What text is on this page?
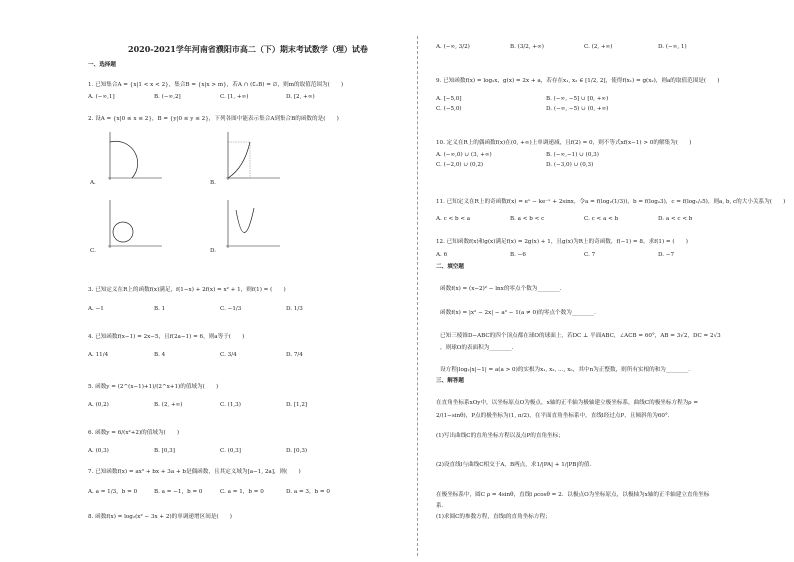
2020-2021学年河南省濮阳市高二（下）期末考试数学（理）试卷
一、选择题
1. 已知集合A = {x|1 < x < 2}，集合B = {x|x > m}，若A ∩ (∁ᵤB) = ∅，则m的取值范围为(　　)
A. (−∞,1]	B. (−∞,2]	C. [1, +∞)	D. [2, +∞)
2. 设A = {x|0 ≤ x ≤ 2}，B = {y|0 ≤ y ≤ 2}，下列各图中能表示集合A到集合B的函数的是(　　)
A.	B.
C.	D.
3. 已知定义在R上的函数f(x)满足，f(1−x) + 2f(x) = x² + 1，则f(1) = (　　)
A. −1	B. 1	C. −1/3	D. 1/3
4. 已知函数f(x−1) = 2x−5，且f(2a−1) = 6，则a等于(　　)
A. 11/4	B. 4	C. 3/4	D. 7/4
5. 函数y = (2^(x−1)+1)/(2^x+1)的值域为(　　)
A. (0,2)	B. (2, +∞)	C. (1,3)	D. [1,2]
6. 函数y = 6/(x²+2)的值域为(　　)
A. (0,3)	B. [0,3]	C. (0,3]	D. [0,3)
7. 已知函数f(x) = ax² + bx + 3a + b是偶函数，且其定义域为[a−1, 2a]，则(　　)
A. a = 1/3，b = 0	B. a = −1，b = 0	C. a = 1，b = 0	D. a = 3，b = 0
8. 函数f(x) = log₂(x² − 3x + 2)的单调递增区间是(　　)
A. (−∞, 3/2)	B. (3/2, +∞)	C. (2, +∞)	D. (−∞, 1)
9. 已知函数f(x) = log₂x，g(x) = 2x + a，若存在x₁, x₂ ∈ [1/2, 2]，使得f(x₁) = g(x₂)，则a的取值范围是(　　)
A. [−5,0]	B. (−∞, −5] ∪ [0, +∞)
C. (−5,0)	D. (−∞, −5) ∪ (0, +∞)
10. 定义在R上的偶函数f(x)在(0, +∞)上单调递减，且f(2) = 0，则不等式xf(x−1) > 0的解集为(　　)
A. (−∞,0) ∪ (3, +∞)	B. (−∞,−1) ∪ (0,3)
C. (−2,0) ∪ (0,2)	D. (−3,0) ∪ (0,3)
11. 已知定义在R上的奇函数f(x) = eˣ − ke⁻ˣ + 2sinx，令a = f(log₂(1/3))，b = f(log₂3)，c = f(log₁/₂5)，则a, b, c的大小关系为(　　)
A. c < b < a	B. a < b < c	C. c < a < b	D. a < c < b
12. 已知函数f(x)和g(x)满足f(x) = 2g(x) + 1，且g(x)为R上的奇函数，f(−1) = 8，求f(1) = (　　)
A. 6	B. −6	C. 7	D. −7
二、填空题
函数f(x) = (x−2)² − lnx的零点个数为________．
函数f(x) = |x² − 2x| − a² − 1(a ≠ 0)的零点个数为________．
已知三棱锥D−ABC的四个顶点都在球O的球面上，若DC ⊥ 平面ABC，∠ACB = 60°，AB = 3√2，DC = 2√3
，则球O的表面积为________．
设方程|log₂|x|−1| = a(a > 0)的实根为x₁, x₂, …, xₙ，其中n为正整数，则所有实根的和为________．
三、解答题
在直角坐标系xOy中，以坐标原点O为极点，x轴的正半轴为极轴建立极坐标系，曲线C的极坐标方程为ρ =
2/(1−sinθ)，P点的极坐标为(1, π/2)，在平面直角坐标系中，直线l经过点P，且倾斜角为60°．
(1)写出曲线C的直角坐标方程以及点P的直角坐标；
(2)设直线l与曲线C相交于A，B两点，求1/|PA| + 1/|PB|的值．
在极坐标系中，圆C ρ = 4sinθ，直线l ρcosθ = 2．以极点O为坐标原点，以极轴为x轴的正半轴建立直角坐标
系．
(1)求圆C的参数方程，直线l的直角坐标方程；
